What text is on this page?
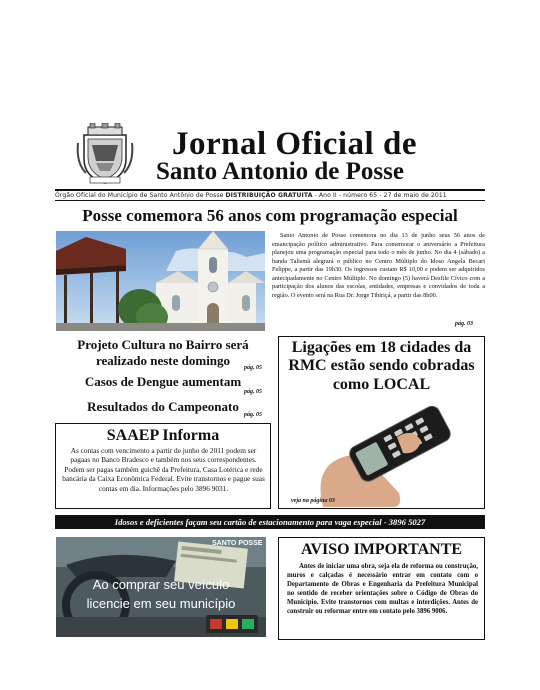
Jornal Oficial de
Santo Antonio de Posse
Órgão Oficial do Município de Santo Antônio de Posse DISTRIBUIÇÃO GRATUITA - Ano II - número 65 - 27 de maio de 2011
Posse comemora 56 anos com programação especial
Santo Antonio de Posse comemora no dia 13 de junho seus 56 anos de emancipação político administrativo. Para comemorar o aniversário a Prefeitura planejou uma programação especial para todo o mês de junho. No dia 4 (sábado) a banda Talismã alegrará o público no Centro Múltiplo do Idoso Angela Becari Felippe, a partir das 19h30. Os ingressos custam R$ 10,00 e podem ser adquiridos antecipadamente no Centro Múltiplo. No domingo (5) haverá Desfile Cívico com a participação dos alunos das escolas, entidades, empresas e convidados de toda a região. O evento será na Rua Dr. Jorge Tibiriçá, a partir das 8h00.
pág. 03
Projeto Cultura no Bairro será realizado neste domingo
pág. 05
Casos de Dengue aumentam
pág. 05
Resultados do Campeonato
pág. 05
Ligações em 18 cidades da RMC estão sendo cobradas como LOCAL
veja na página 03
SAAEP Informa
As contas com vencimento a partir de junho de 2011 podem ser pagaas no Banco Bradesco e também nos seus correspondentes. Podem ser pagas também guichê da Prefeitura, Casa Lotérica e rede bancária da Caixa Econômica Federal. Evite transtornos e pague suas contas em dia. Informações pelo 3896 9031.
Idosos e deficientes façam seu cartão de estacionamento para vaga especial - 3896 5027
SANTO POSSE
Ao comprar seu veículo
licencie em seu município
AVISO IMPORTANTE
Antes de iniciar uma obra, seja ela de reforma ou construção, muros e calçadas é necessário entrar em contato com o Departamento de Obras e Engenharia da Prefeitura Municipal no sentido de receber orientações sobre o Código de Obras do Município. Evite transtornos com multas e interdições. Antes de construir ou reformar entre em contato pelo 3896 9006.
